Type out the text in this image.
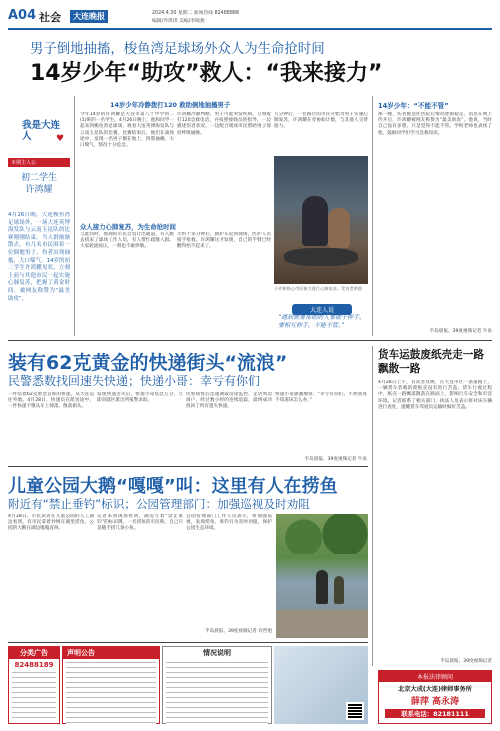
A04 社会	大连晚报	2024.4.30 星期二 新闻热线 82488888
编辑/乔琪琪 美编/李晓燕
男子倒地抽搐，梭鱼湾足球场外众人为生命抢时间
14岁少年“助攻”救人：“我来接力”
我是大连人	♥
本期主人公
初二学生
许鸿耀
4月26日晚，大连梭鱼湾足球场外，一场大连英博海发队与云南玉昆队的比赛刚刚结束。当人群渐渐散去，有几名市民围着一位倒地男子，伤者出现抽搐，大口喘气。14岁的初二学生许鸿耀见状，立刻上前与其他市民一起实施心肺复苏，把握了黄金时间，被网友称赞为“最美助攻”。
14岁少年冷静拨打120 救助倒地抽搐男子
今年14岁的许鸿耀是大连市第八十中学初二(1)班的一名学生。4月26日晚上，他和同学一起来到梭鱼湾足球场，观看大连英博海发队与云南玉昆队的比赛。比赛结束后，他们在离场途中，发现一名男子倒在地上，四肢抽搐，大口喘气，情况十分危急。
许鸿耀冷静判断，男子可能突发疾病，立刻拨打120急救电话，并按照接线员的指导，一边描述伤者状况，一边配合现场市民帮助男子保持呼吸通畅。
几分钟后，一位路过的市民开始为男子实施心肺复苏，许鸿耀在旁协助计数，与其他人交替接力。
众人接力心肺复苏，为生命抢时间
与此同时，围观的市民自觉让出通道，有人跑去找来了球场工作人员，有人帮忙疏散人群。大家轮流按压，一刻也不敢停歇。
大约十多分钟后，救护车赶到现场，医护人员接手抢救。许鸿耀这才发现，自己的手臂已经酸得抬不起来了。
小许和热心市民接力进行心肺复苏。受访者供图
大连人说
“遇到需要帮助的人要敢于伸手，要相互伸手，不能不管。”
14岁少年：“不能不管”
那一晚，伤者被送往医院后情况逐渐稳定。消息在网上传开后，许鸿耀被网友称赞为“最美助攻”。他说，当时自己没有多想，只是觉得不能不管。学校老师也表扬了他，鼓励同学们学习急救知识。
半岛晨报、39度视频记者 牛泉
装有62克黄金的快递街头“流浪”
民警悉数找回速失快递；快递小哥：幸亏有你们
一件装着62克黄金首饰的快递，从大连运往外地。4月28日，快递员在派送途中，一件快递不慎从车上掉落，散落街头。
发现快递丢失后，快递小哥焦急万分，立即向辖区派出所报警求助。
民警接警后迅速调取沿途监控，走访周边商户，经过数小时的连续追踪，最终成功找回了所有遗失快递。
快递小哥感激地说：“幸亏有你们，不然我真不知道该怎么办。”
半岛晨报、39度视频记者 牛泉
儿童公园大鹅“嘎嘎”叫：这里有人在捞鱼
附近有“禁止垂钓”标识；公园管理部门：加强巡视及时劝阻
4月28日，市民读者在儿童公园的人工湖边看到，有市民拿着抄网在湖里捞鱼，公园的大鹅在湖边嘎嘎直叫。
记者来到现场看到，湖边立着“禁止垂钓”的标识牌。一名捞鱼的市民称，自己只是随手捞几条小鱼。
公园管理部门工作人员表示，将加强巡视，发现捞鱼、垂钓行为及时劝阻，保护公园生态环境。
半岛晨报、39度视频记者 许哲旭
货车运鼓废纸壳走一路飘散一路
4月28日上午，有读者反映，在大连市区一条道路上，一辆货车装载的废纸壳没有进行苫盖，货车行驶过程中，纸壳一路飘落散落在路面上，影响行车安全和市容环境。记者联系了相关部门，执法人员表示将对该车辆进行查处，提醒货车驾驶员运输时做好苫盖。
半岛晨报、39度视频记者
分类广告
82488189
声明公告	情况说明
本报法律顾问
北京大成(大连)律师事务所
薛萍 高永涛
联系电话：82181111
